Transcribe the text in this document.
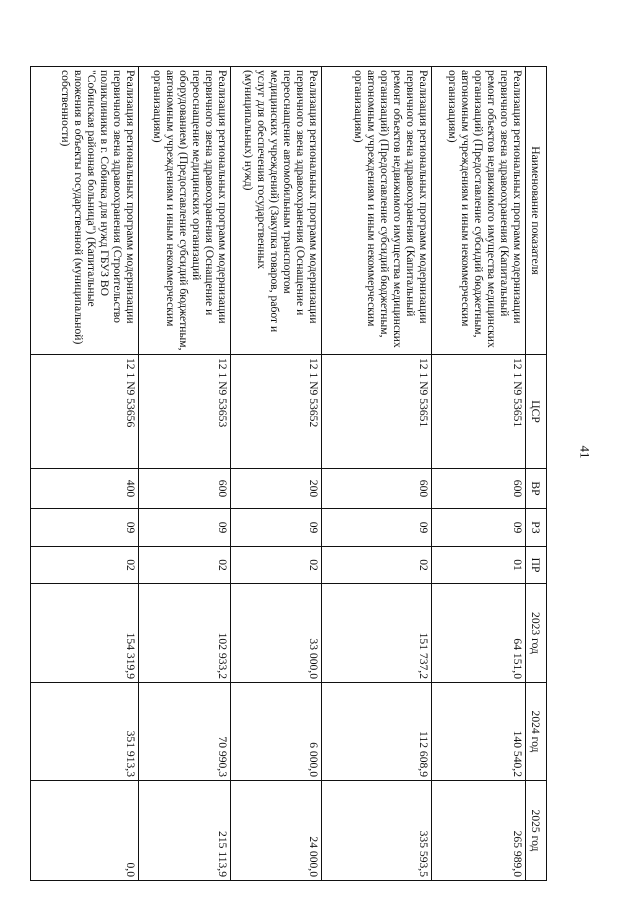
41
Наименование показателя	ЦСР	ВР	РЗ	ПР	2023 год	2024 год	2025 год
Реализация региональных программ модернизации первичного звена здравоохранения (Капитальный ремонт объектов недвижимого имущества медицинских организаций) (Предоставление субсидий бюджетным, автономным учреждениям и иным некоммерческим организациям)	12 1 N9 53651	600	09	01	64 151,0	140 540,2	265 989,0
Реализация региональных программ модернизации первичного звена здравоохранения (Капитальный ремонт объектов недвижимого имущества медицинских организаций) (Предоставление субсидий бюджетным, автономным учреждениям и иным некоммерческим организациям)	12 1 N9 53651	600	09	02	151 737,2	112 608,9	335 593,5
Реализация региональных программ модернизации первичного звена здравоохранения (Оснащение и переоснащение автомобильным транспортом медицинских учреждений) (Закупка товаров, работ и услуг для обеспечения государственных (муниципальных) нужд)	12 1 N9 53652	200	09	02	33 000,0	6 000,0	24 000,0
Реализация региональных программ модернизации первичного звена здравоохранения (Оснащение и переоснащение медицинских организаций оборудованием) (Предоставление субсидий бюджетным, автономным учреждениям и иным некоммерческим организациям)	12 1 N9 53653	600	09	02	102 933,2	70 990,3	215 113,9
Реализация региональных программ модернизации первичного звена здравоохранения (Строительство поликлиники в г. Собинка для нужд ГБУЗ ВО "Собинская районная больница") (Капитальные вложения в объекты государственной (муниципальной) собственности)	12 1 N9 53656	400	09	02	154 319,9	351 913,3	0,0
